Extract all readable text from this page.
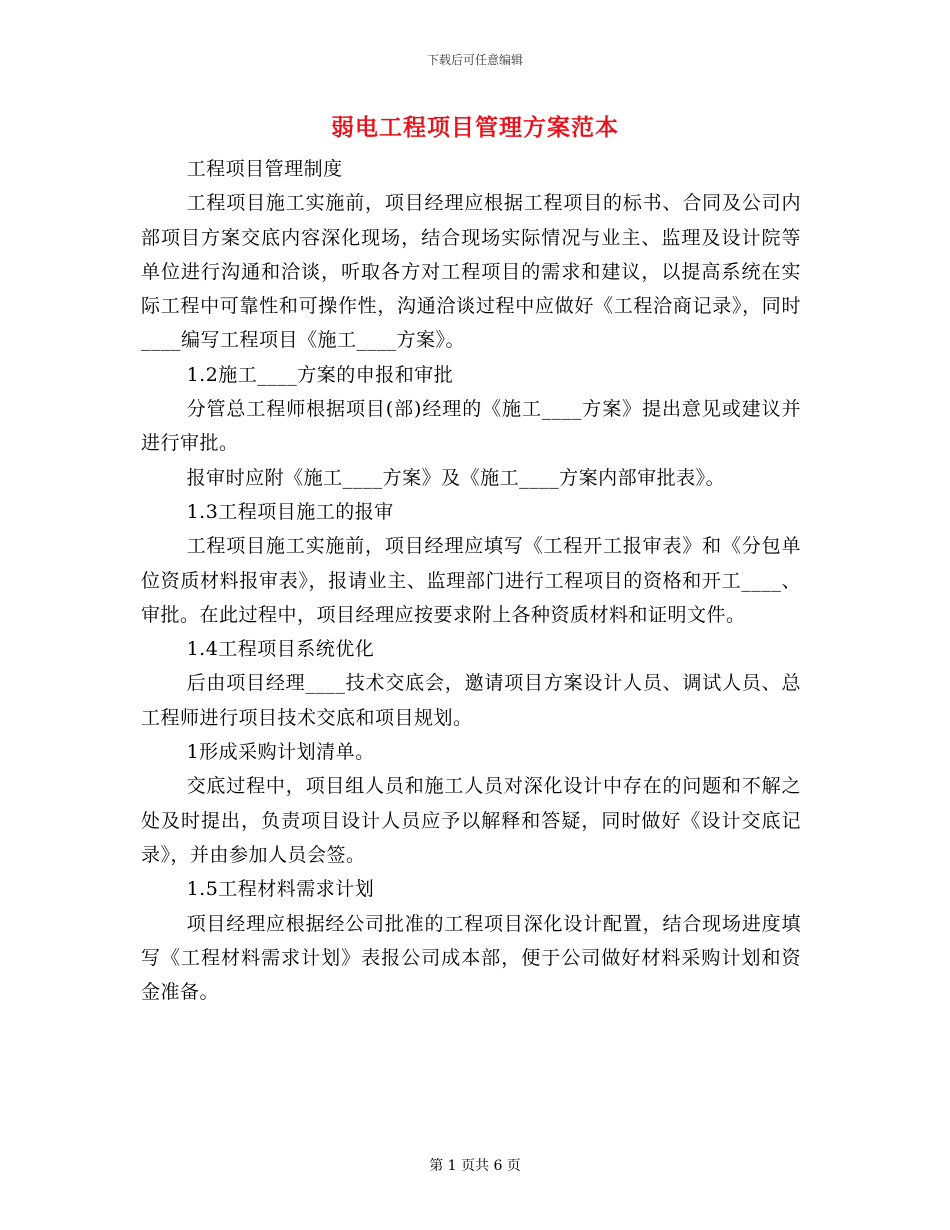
下载后可任意编辑
弱电工程项目管理方案范本

工程项目管理制度

工程项目施工实施前，项目经理应根据工程项目的标书、合同及公司内部项目方案交底内容深化现场，结合现场实际情况与业主、监理及设计院等单位进行沟通和洽谈，听取各方对工程项目的需求和建议，以提高系统在实际工程中可靠性和可操作性，沟通洽谈过程中应做好《工程洽商记录》，同时____编写工程项目《施工____方案》。

1.2施工____方案的申报和审批

分管总工程师根据项目(部)经理的《施工____方案》提出意见或建议并进行审批。

报审时应附《施工____方案》及《施工____方案内部审批表》。

1.3工程项目施工的报审

工程项目施工实施前，项目经理应填写《工程开工报审表》和《分包单位资质材料报审表》，报请业主、监理部门进行工程项目的资格和开工____、审批。在此过程中，项目经理应按要求附上各种资质材料和证明文件。

1.4工程项目系统优化

后由项目经理____技术交底会，邀请项目方案设计人员、调试人员、总工程师进行项目技术交底和项目规划。

1形成采购计划清单。

交底过程中，项目组人员和施工人员对深化设计中存在的问题和不解之处及时提出，负责项目设计人员应予以解释和答疑，同时做好《设计交底记录》，并由参加人员会签。

1.5工程材料需求计划

项目经理应根据经公司批准的工程项目深化设计配置，结合现场进度填写《工程材料需求计划》表报公司成本部，便于公司做好材料采购计划和资金准备。

第 1 页共 6 页
